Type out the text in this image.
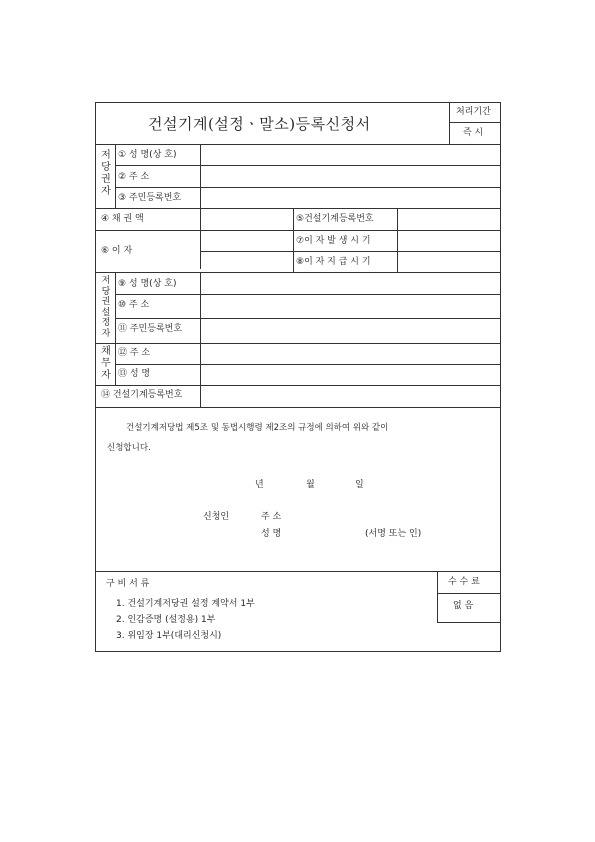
건설기계(설정ㆍ말소)등록신청서
처리기간
즉 시
저
당
권
자
① 성 명(상 호)
② 주 소
③ 주민등록번호
④ 채 권 액	⑤건설기계등록번호
⑥ 이 자
⑦이 자 발 생 시 기
⑧이 자 지 급 시 기
저
당
권
설
정
자
⑨ 성 명(상 호)
⑩ 주 소
⑪ 주민등록번호
채
무
자
⑫ 주 소
⑬ 성 명
⑭ 건설기계등록번호
건설기계저당법 제5조 및 동법시행령 제2조의 규정에 의하여 위와 같이
신청합니다.
년	월	일
신청인	주 소
성 명	(서명 또는 인)
구 비 서 류
1. 건설기계저당권 설정 계약서 1부
2. 인감증명 (설정용) 1부
3. 위임장 1부(대리신청시)
수 수 료
없 음
